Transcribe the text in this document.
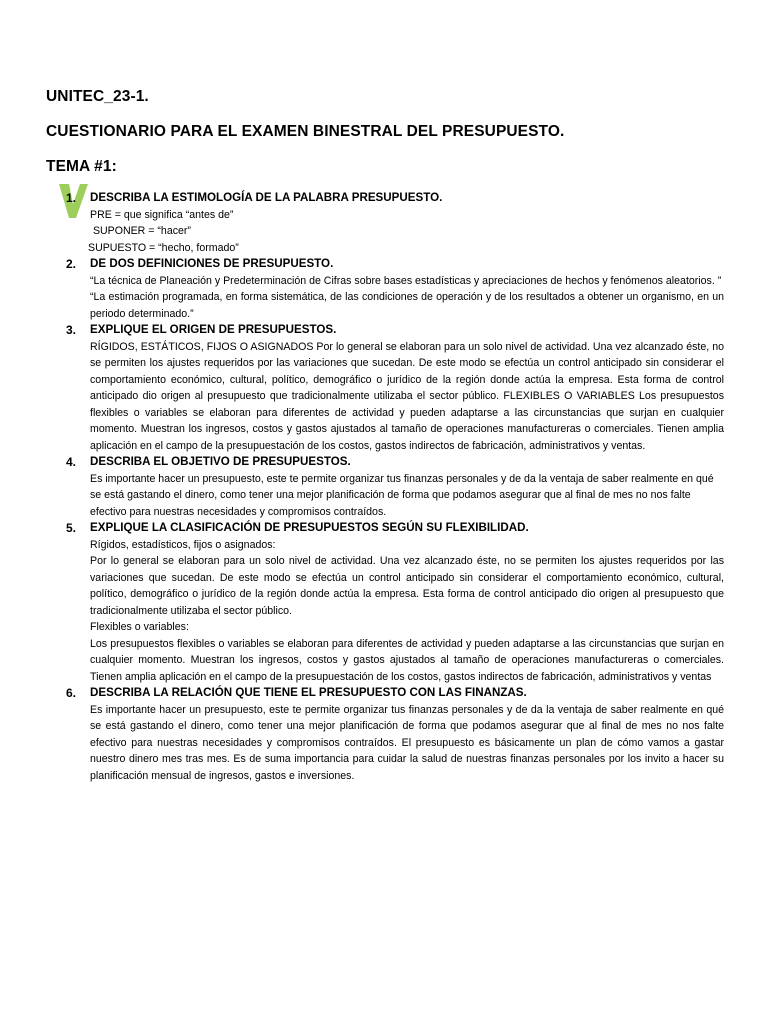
UNITEC_23-1.
CUESTIONARIO PARA EL EXAMEN BINESTRAL DEL PRESUPUESTO.
TEMA #1:
1.	DESCRIBA LA ESTIMOLOGÍA DE LA PALABRA PRESUPUESTO.
PRE = que significa “antes de”
SUPONER = “hacer”
SUPUESTO = “hecho, formado”
2.	DE DOS DEFINICIONES DE PRESUPUESTO.
“La técnica de Planeación y Predeterminación de Cifras sobre bases estadísticas y apreciaciones de hechos y fenómenos aleatorios. ”
“La estimación programada, en forma sistemática, de las condiciones de operación y de los resultados a obtener un organismo, en un periodo determinado.”
3.	EXPLIQUE EL ORIGEN DE PRESUPUESTOS.
RÍGIDOS, ESTÁTICOS, FIJOS O ASIGNADOS Por lo general se elaboran para un solo nivel de actividad. Una vez alcanzado éste, no se permiten los ajustes requeridos por las variaciones que sucedan. De este modo se efectúa un control anticipado sin considerar el comportamiento económico, cultural, político, demográfico o jurídico de la región donde actúa la empresa. Esta forma de control anticipado dio origen al presupuesto que tradicionalmente utilizaba el sector público. FLEXIBLES O VARIABLES Los presupuestos flexibles o variables se elaboran para diferentes de actividad y pueden adaptarse a las circunstancias que surjan en cualquier momento. Muestran los ingresos, costos y gastos ajustados al tamaño de operaciones manufactureras o comerciales. Tienen amplia aplicación en el campo de la presupuestación de los costos, gastos indirectos de fabricación, administrativos y ventas.
4.	DESCRIBA EL OBJETIVO DE PRESUPUESTOS.
Es importante hacer un presupuesto, este te permite organizar tus finanzas personales y de da la ventaja de saber realmente en qué se está gastando el dinero, como tener una mejor planificación de forma que podamos asegurar que al final de mes no nos falte efectivo para nuestras necesidades y compromisos contraídos.
5.	EXPLIQUE LA CLASIFICACIÓN DE PRESUPUESTOS SEGÚN SU FLEXIBILIDAD.
Rígidos, estadísticos, fijos o asignados:
Por lo general se elaboran para un solo nivel de actividad. Una vez alcanzado éste, no se permiten los ajustes requeridos por las variaciones que sucedan. De este modo se efectúa un control anticipado sin considerar el comportamiento económico, cultural, político, demográfico o jurídico de la región donde actúa la empresa. Esta forma de control anticipado dio origen al presupuesto que tradicionalmente utilizaba el sector público.
Flexibles o variables:
Los presupuestos flexibles o variables se elaboran para diferentes de actividad y pueden adaptarse a las circunstancias que surjan en cualquier momento. Muestran los ingresos, costos y gastos ajustados al tamaño de operaciones manufactureras o comerciales. Tienen amplia aplicación en el campo de la presupuestación de los costos, gastos indirectos de fabricación, administrativos y ventas
6.	DESCRIBA LA RELACIÓN QUE TIENE EL PRESUPUESTO CON LAS FINANZAS.
Es importante hacer un presupuesto, este te permite organizar tus finanzas personales y de da la ventaja de saber realmente en qué se está gastando el dinero, como tener una mejor planificación de forma que podamos asegurar que al final de mes no nos falte efectivo para nuestras necesidades y compromisos contraídos. El presupuesto es básicamente un plan de cómo vamos a gastar nuestro dinero mes tras mes. Es de suma importancia para cuidar la salud de nuestras finanzas personales por los invito a hacer su planificación mensual de ingresos, gastos e inversiones.
